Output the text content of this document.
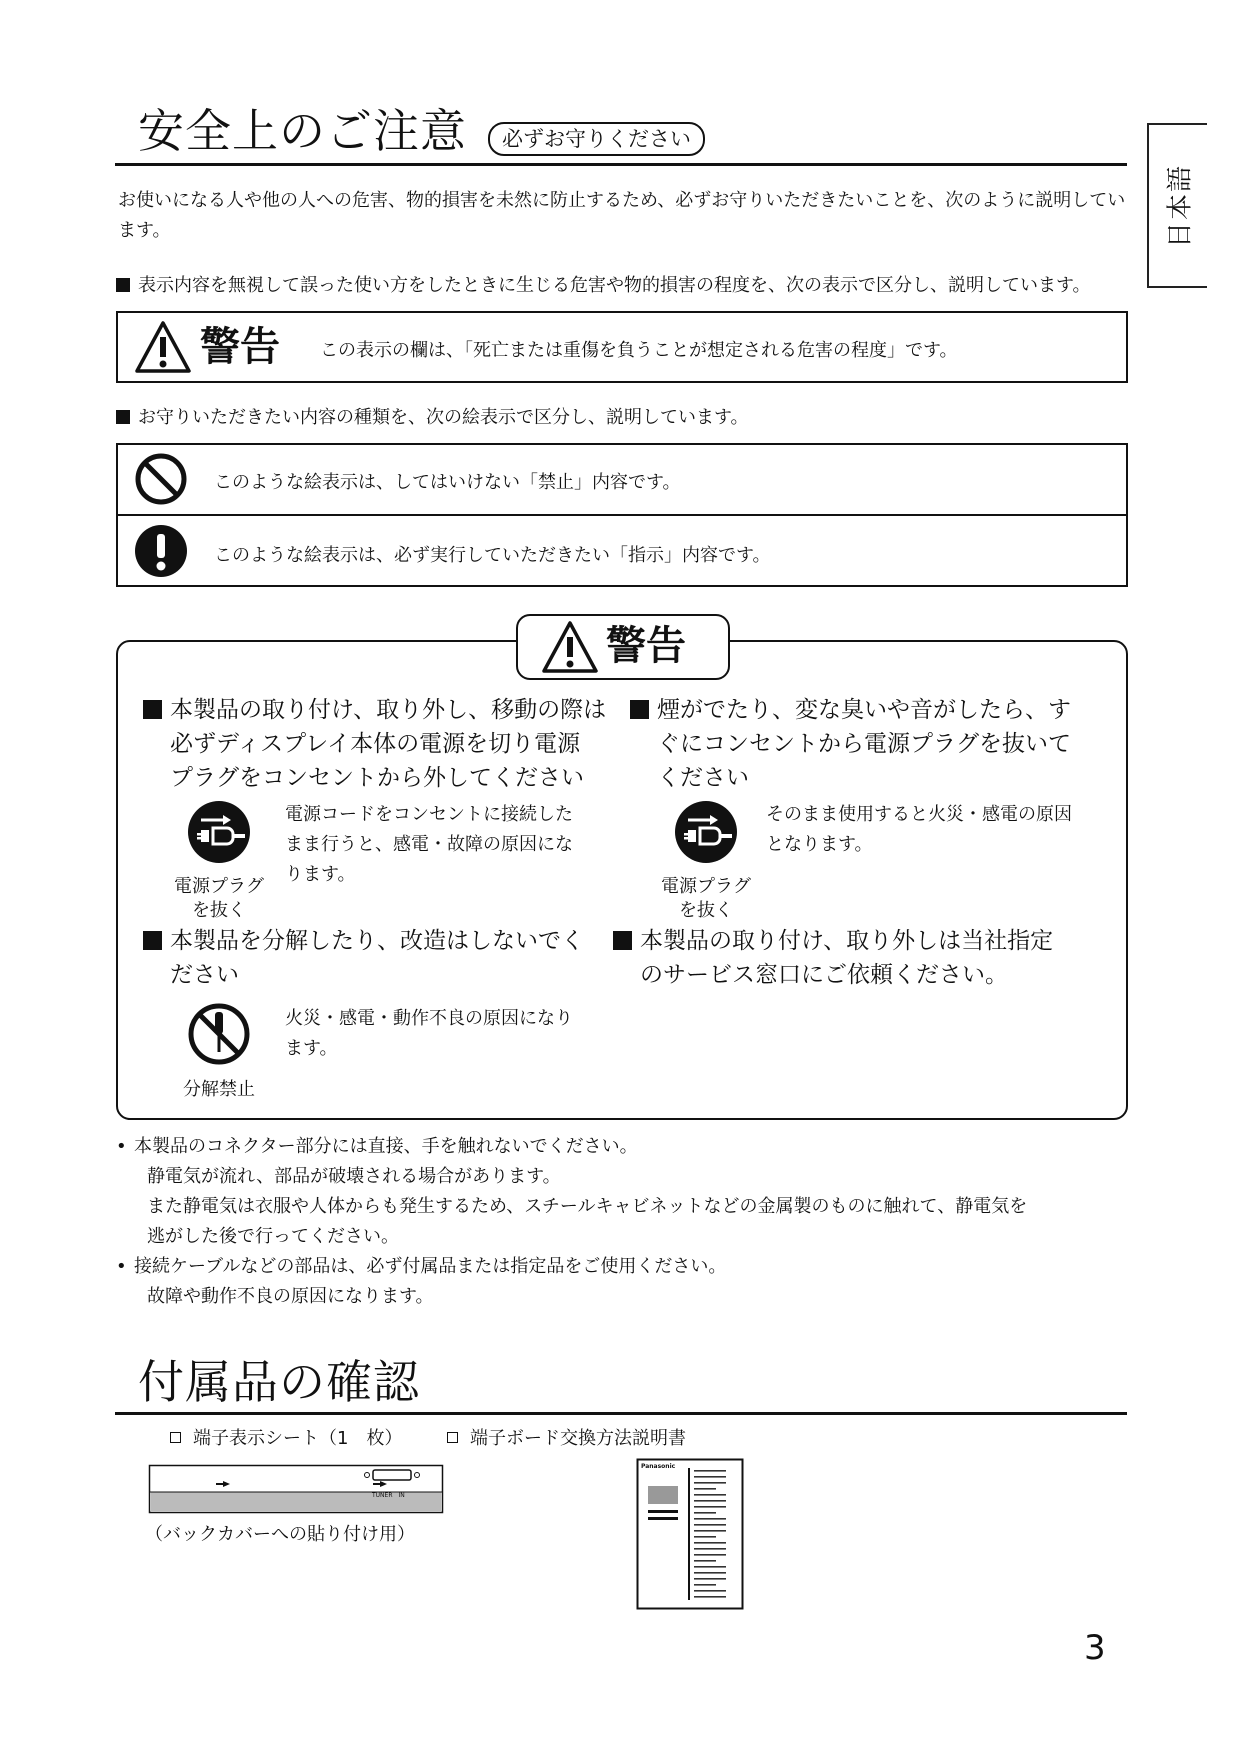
日本語
安全上のご注意	必ずお守りください
お使いになる人や他の人への危害、物的損害を未然に防止するため、必ずお守りいただきたいことを、次のように説明しています。
表示内容を無視して誤った使い方をしたときに生じる危害や物的損害の程度を、次の表示で区分し、説明しています。
警告 この表示の欄は、「死亡または重傷を負うことが想定される危害の程度」です。
お守りいただきたい内容の種類を、次の絵表示で区分し、説明しています。
このような絵表示は、してはいけない「禁止」内容です。
このような絵表示は、必ず実行していただきたい「指示」内容です。
警告
本製品の取り付け、取り外し、移動の際は
必ずディスプレイ本体の電源を切り電源
プラグをコンセントから外してください
電源プラグ
を抜く
電源コードをコンセントに接続した
まま行うと、感電・故障の原因にな
ります。
煙がでたり、変な臭いや音がしたら、す
ぐにコンセントから電源プラグを抜いて
ください
電源プラグ
を抜く
そのまま使用すると火災・感電の原因
となります。
本製品を分解したり、改造はしないでく
ださい
分解禁止
火災・感電・動作不良の原因になり
ます。
本製品の取り付け、取り外しは当社指定
のサービス窓口にご依頼ください。
• 本製品のコネクター部分には直接、手を触れないでください。
静電気が流れ、部品が破壊される場合があります。
また静電気は衣服や人体からも発生するため、スチールキャビネットなどの金属製のものに触れて、静電気を
逃がした後で行ってください。
• 接続ケーブルなどの部品は、必ず付属品または指定品をご使用ください。
故障や動作不良の原因になります。
付属品の確認
端子表示シート（1　枚）	端子ボード交換方法説明書
TUNER　IN
（バックカバーへの貼り付け用）
Panasonic
3
